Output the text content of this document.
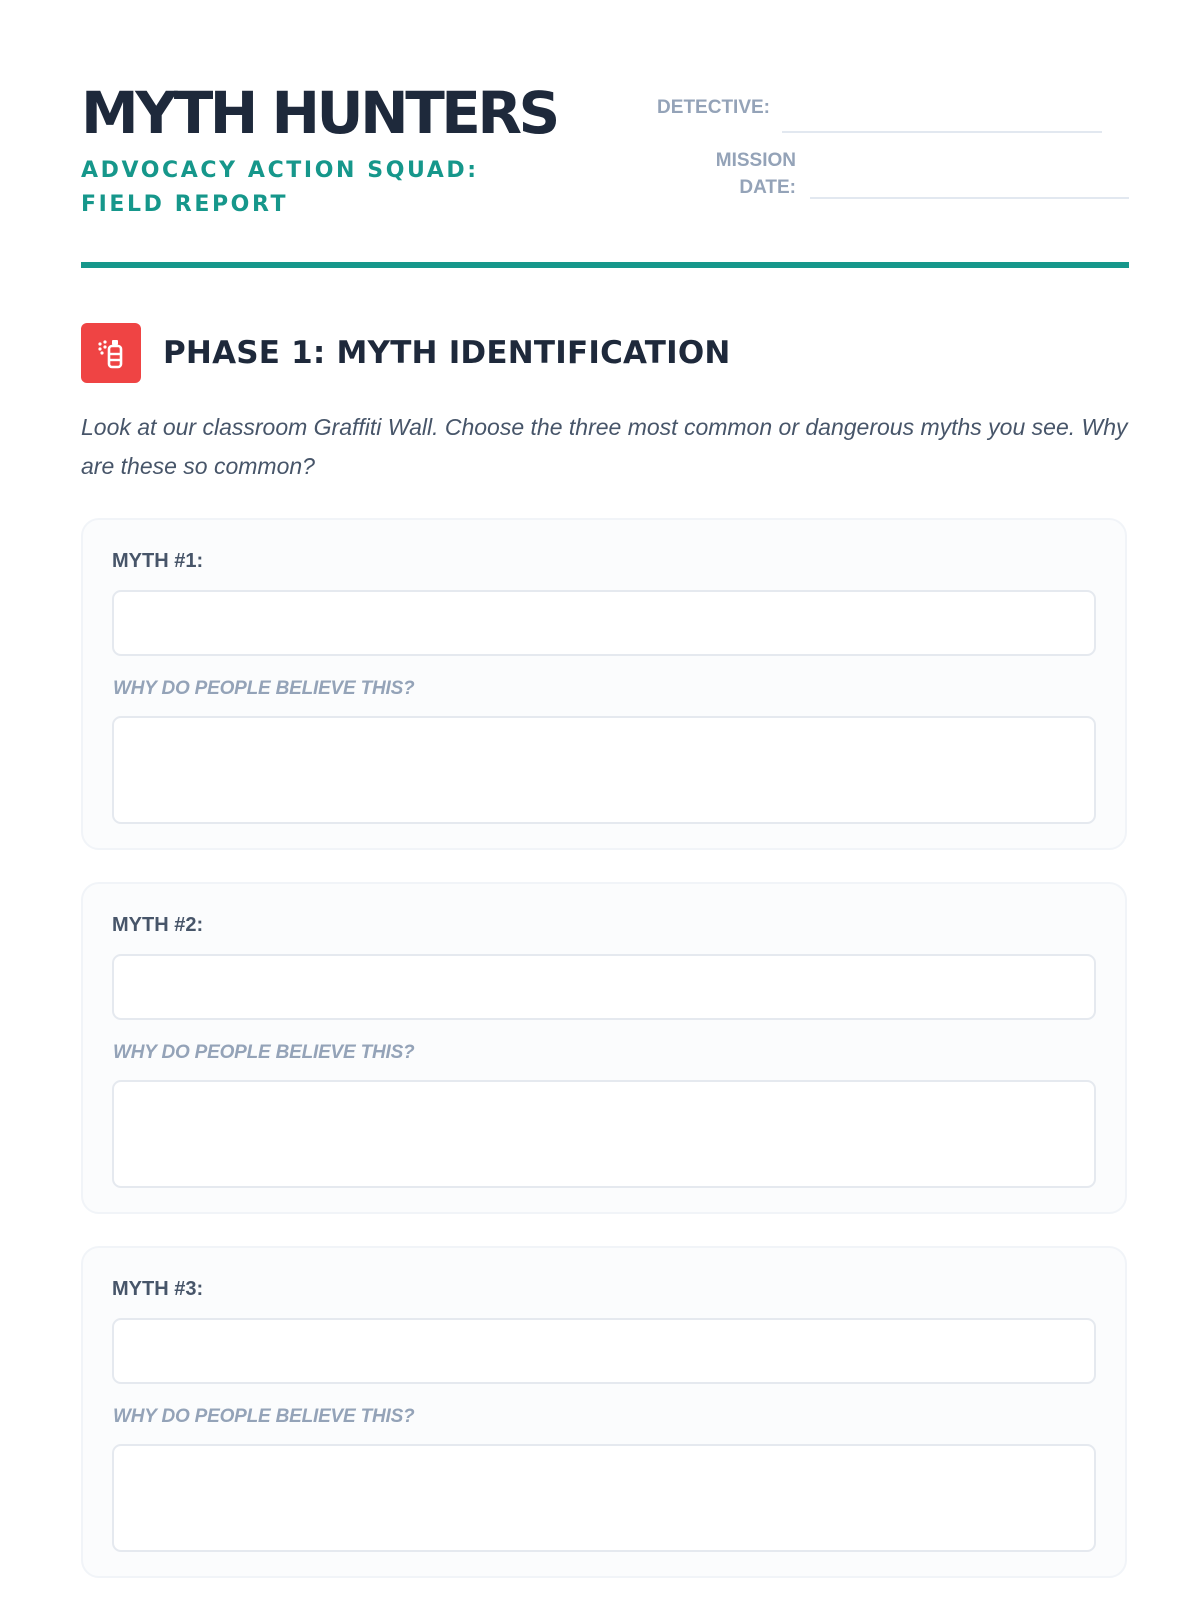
MYTH HUNTERS

ADVOCACY ACTION SQUAD: FIELD REPORT

DETECTIVE:
MISSION
DATE:
PHASE 1: MYTH IDENTIFICATION

Look at our classroom Graffiti Wall. Choose the three most common or dangerous myths you see. Why are these so common?

MYTH #1:
WHY DO PEOPLE BELIEVE THIS?
MYTH #2:
WHY DO PEOPLE BELIEVE THIS?
MYTH #3:
WHY DO PEOPLE BELIEVE THIS?
